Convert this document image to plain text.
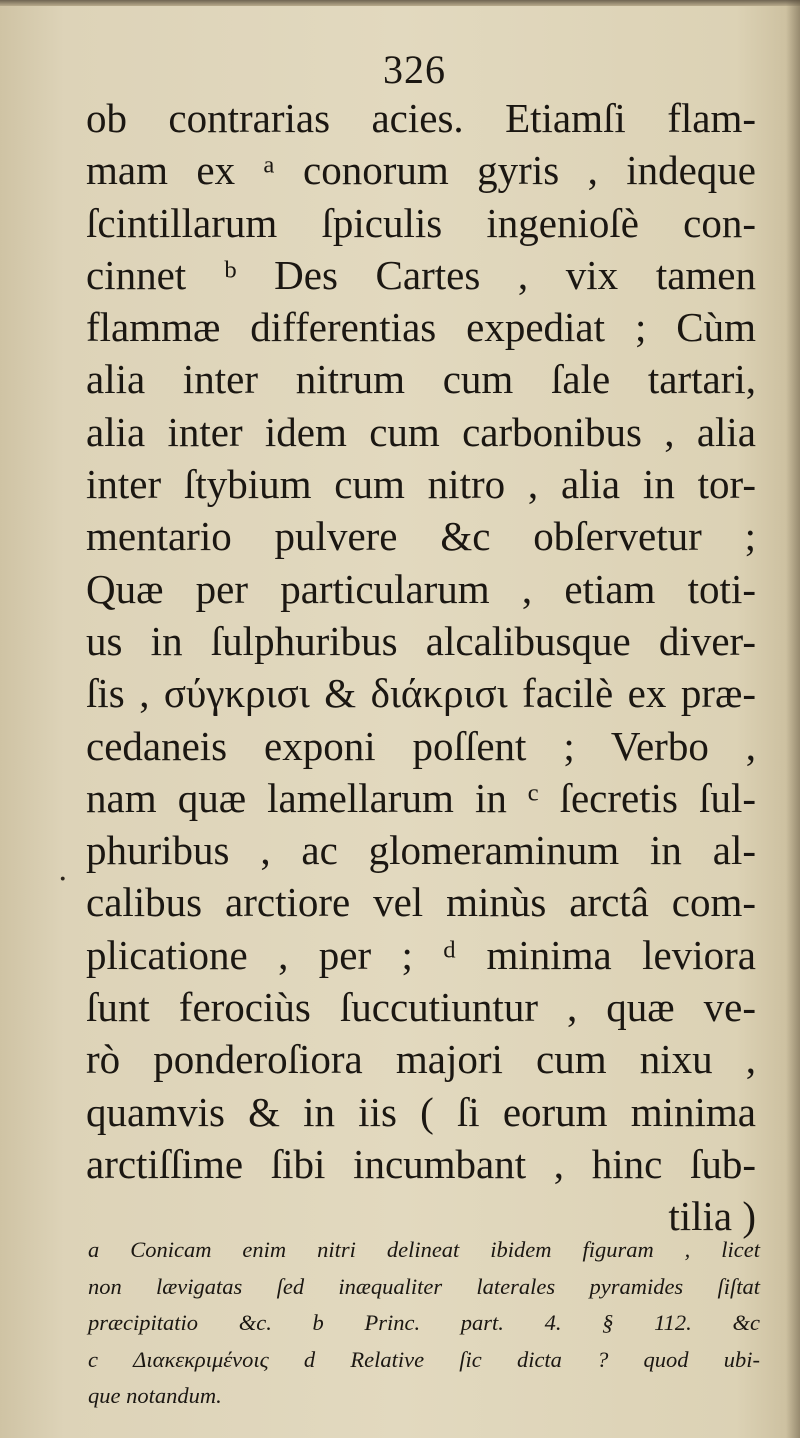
326
·
ob contrarias acies. Etiamſi flam-
mam ex ᵃ conorum gyris , indeque
ſcintillarum ſpiculis ingenioſè con-
cinnet ᵇ Des Cartes , vix tamen
flammæ differentias expediat ; Cùm
alia inter nitrum cum ſale tartari,
alia inter idem cum carbonibus , alia
inter ſtybium cum nitro , alia in tor-
mentario pulvere &c obſervetur ;
Quæ per particularum , etiam toti-
us in ſulphuribus alcalibusque diver-
ſis , σύγκρισι & διάκρισι facilè ex præ-
cedaneis exponi poſſent ; Verbo ,
nam quæ lamellarum in ᶜ ſecretis ſul-
phuribus , ac glomeraminum in al-
calibus arctiore vel minùs arctâ com-
plicatione , per ; ᵈ minima leviora
ſunt ferociùs ſuccutiuntur , quæ ve-
rò ponderoſiora majori cum nixu ,
quamvis & in iis ( ſi eorum minima
arctiſſime ſibi incumbant , hinc ſub-
tilia )
a Conicam enim nitri delineat ibidem figuram , licet
non lævigatas ſed inæqualiter laterales pyramides ſiſtat
præcipitatio &c. b Princ. part. 4. § 112. &c
c Διακεκριμένοις d Relative ſic dicta ? quod ubi-
que notandum.
